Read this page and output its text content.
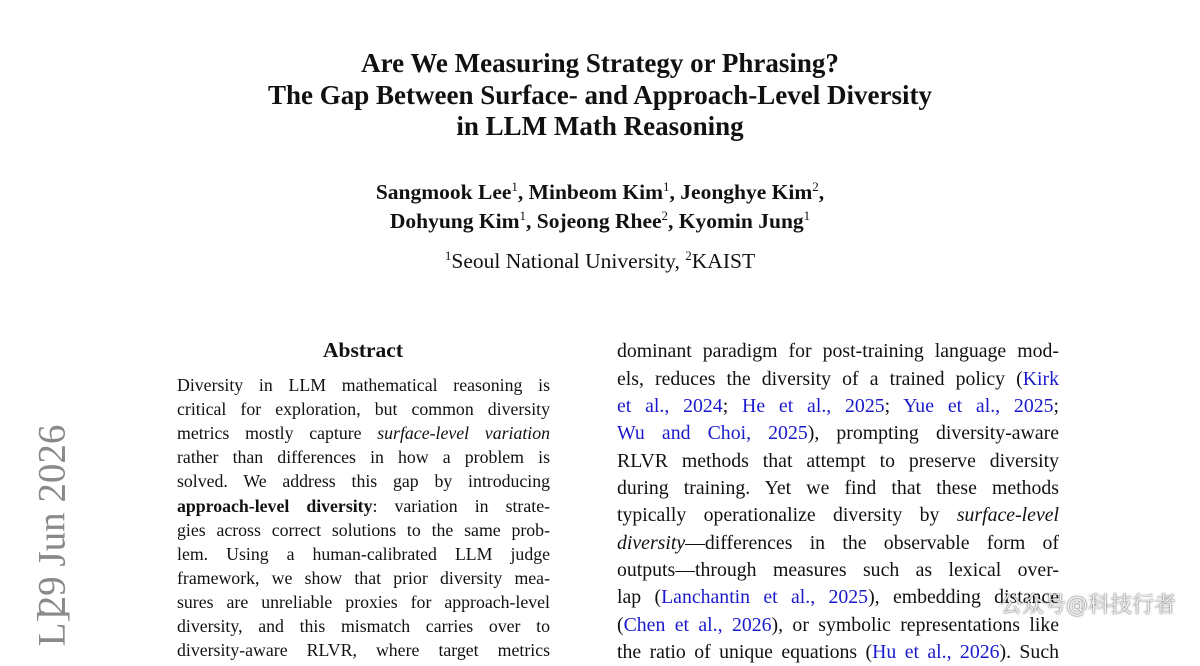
Are We Measuring Strategy or Phrasing?
The Gap Between Surface- and Approach-Level Diversity
in LLM Math Reasoning
Sangmook Lee$^1$, Minbeom Kim$^1$, Jeonghye Kim$^2$,
Dohyung Kim$^1$, Sojeong Rhee$^2$, Kyomin Jung$^1$
$^1$Seoul National University, $^2$KAIST
29 Jun 2026
L]
Abstract
Diversity in LLM mathematical reasoning is
critical for exploration, but common diversity
metrics mostly capture surface-level variation
rather than differences in how a problem is
solved. We address this gap by introducing
approach-level diversity: variation in strate-
gies across correct solutions to the same prob-
lem. Using a human-calibrated LLM judge
framework, we show that prior diversity mea-
sures are unreliable proxies for approach-level
diversity, and this mismatch carries over to
diversity-aware RLVR, where target metrics
dominant paradigm for post-training language mod-
els, reduces the diversity of a trained policy (Kirk
et al., 2024; He et al., 2025; Yue et al., 2025;
Wu and Choi, 2025), prompting diversity-aware
RLVR methods that attempt to preserve diversity
during training. Yet we find that these methods
typically operationalize diversity by surface-level
diversity—differences in the observable form of
outputs—through measures such as lexical over-
lap (Lanchantin et al., 2025), embedding distance
(Chen et al., 2026), or symbolic representations like
the ratio of unique equations (Hu et al., 2026). Such
公众号@科技行者
